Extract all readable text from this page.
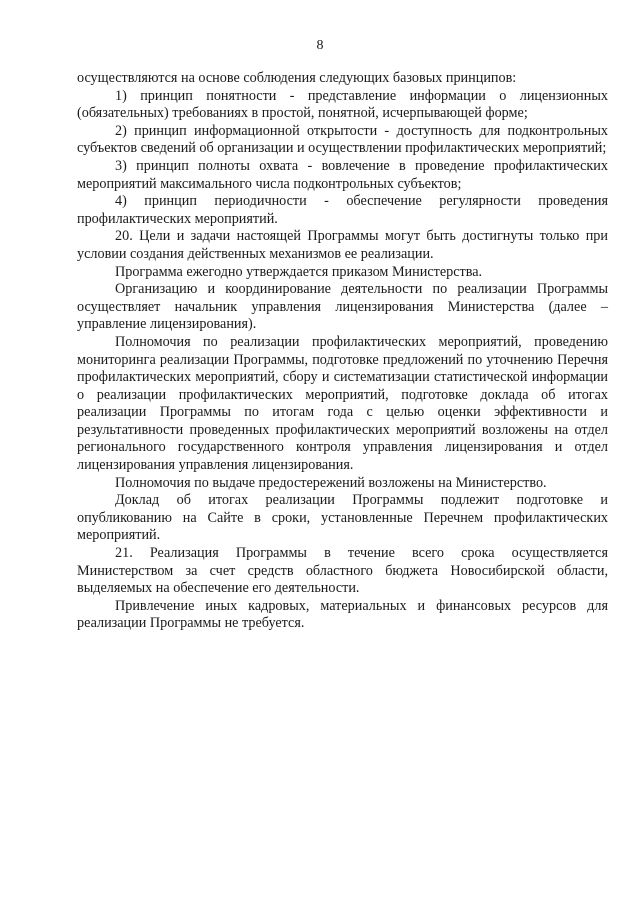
8

осуществляются на основе соблюдения следующих базовых принципов:

1) принцип понятности - представление информации о лицензионных (обязательных) требованиях в простой, понятной, исчерпывающей форме;

2) принцип информационной открытости - доступность для подконтрольных субъектов сведений об организации и осуществлении профилактических мероприятий;

3) принцип полноты охвата - вовлечение в проведение профилактических мероприятий максимального числа подконтрольных субъектов;

4) принцип периодичности - обеспечение регулярности проведения профилактических мероприятий.

20. Цели и задачи настоящей Программы могут быть достигнуты только при условии создания действенных механизмов ее реализации.

Программа ежегодно утверждается приказом Министерства.

Организацию и координирование деятельности по реализации Программы осуществляет начальник управления лицензирования Министерства (далее – управление лицензирования).

Полномочия по реализации профилактических мероприятий, проведению мониторинга реализации Программы, подготовке предложений по уточнению Перечня профилактических мероприятий, сбору и систематизации статистической информации о реализации профилактических мероприятий, подготовке доклада об итогах реализации Программы по итогам года с целью оценки эффективности и результативности проведенных профилактических мероприятий возложены на отдел регионального государственного контроля управления лицензирования и отдел лицензирования управления лицензирования.

Полномочия по выдаче предостережений возложены на Министерство.

Доклад об итогах реализации Программы подлежит подготовке и опубликованию на Сайте в сроки, установленные Перечнем профилактических мероприятий.

21. Реализация Программы в течение всего срока осуществляется Министерством за счет средств областного бюджета Новосибирской области, выделяемых на обеспечение его деятельности.

Привлечение иных кадровых, материальных и финансовых ресурсов для реализации Программы не требуется.
